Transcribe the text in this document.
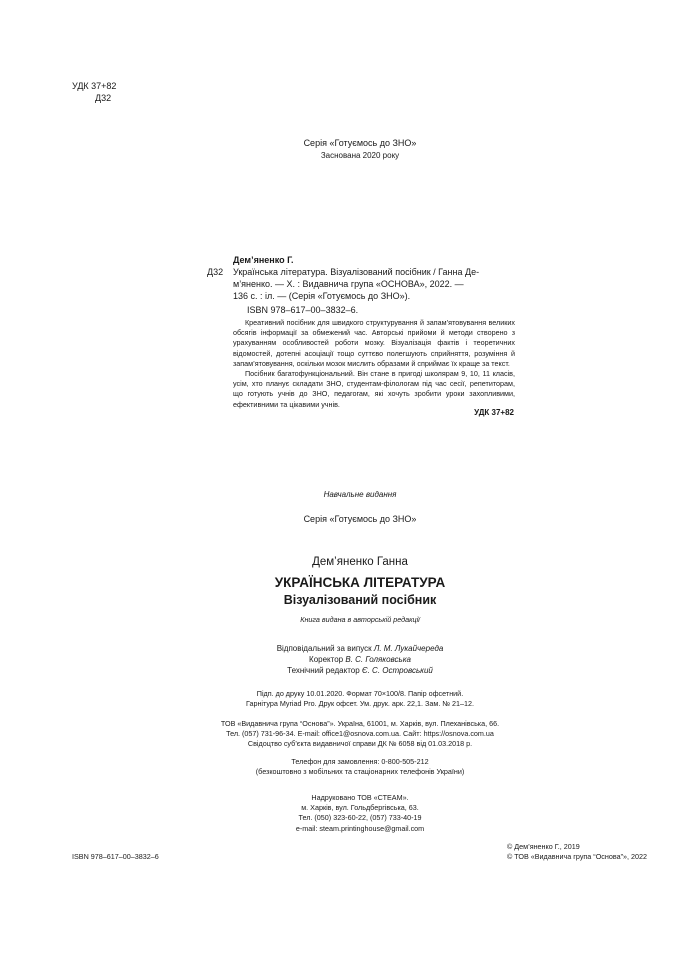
УДК 37+82
Д32
Серія «Готуємось до ЗНО»
Заснована 2020 року
Дем’яненко Г.
Д32 Українська література. Візуалізований посібник / Ганна Де-
м’яненко. — Х. : Видавнича група «ОСНОВА», 2022. —
136 с. : іл. — (Серія «Готуємось до ЗНО»).
ISBN 978–617–00–3832–6.

Креативний посібник для швидкого структурування й запам’ятовування великих обсягів інформації за обмежений час. Авторські прийоми й методи створено з урахуванням особливостей роботи мозку. Візуалізація фактів і теоретичних відомостей, дотепні асоціації тощо суттєво полегшують сприйняття, розуміння й запам’ятовування, оскільки мозок мислить образами й сприймає їх краще за текст.

Посібник багатофункціональний. Він стане в пригоді школярам 9, 10, 11 класів, усім, хто планує складати ЗНО, студентам-філологам під час сесії, репетиторам, що готують учнів до ЗНО, педагогам, які хочуть зробити уроки захопливими, ефективними та цікавими учнів.

УДК 37+82
Навчальне видання
Серія «Готуємось до ЗНО»
Дем’яненко Ганна
УКРАЇНСЬКА ЛІТЕРАТУРА
Візуалізований посібник
Книга видана в авторській редакції
Відповідальний за випуск Л. М. Лукайчереда
Коректор В. С. Голяковська
Технічний редактор Є. С. Островський
Підп. до друку 10.01.2020. Формат 70×100/8. Папір офсетний.
Гарнітура Myriad Pro. Друк офсет. Ум. друк. арк. 22,1. Зам. № 21–12.
ТОВ «Видавнича група “Основа”». Україна, 61001, м. Харків, вул. Плеханівська, 66.
Тел. (057) 731-96-34. E-mail: office1@osnova.com.ua. Сайт: https://osnova.com.ua
Свідоцтво суб’єкта видавничої справи ДК № 6058 від 01.03.2018 р.
Телефон для замовлення: 0-800-505-212
(безкоштовно з мобільних та стаціонарних телефонів України)
Надруковано ТОВ «СТЕАМ».
м. Харків, вул. Гольдбергівська, 63.
Тел. (050) 323-60-22, (057) 733-40-19
e-mail: steam.printinghouse@gmail.com
ISBN 978–617–00–3832–6
© Дем’яненко Г., 2019
© ТОВ «Видавнича група “Основа”», 2022
